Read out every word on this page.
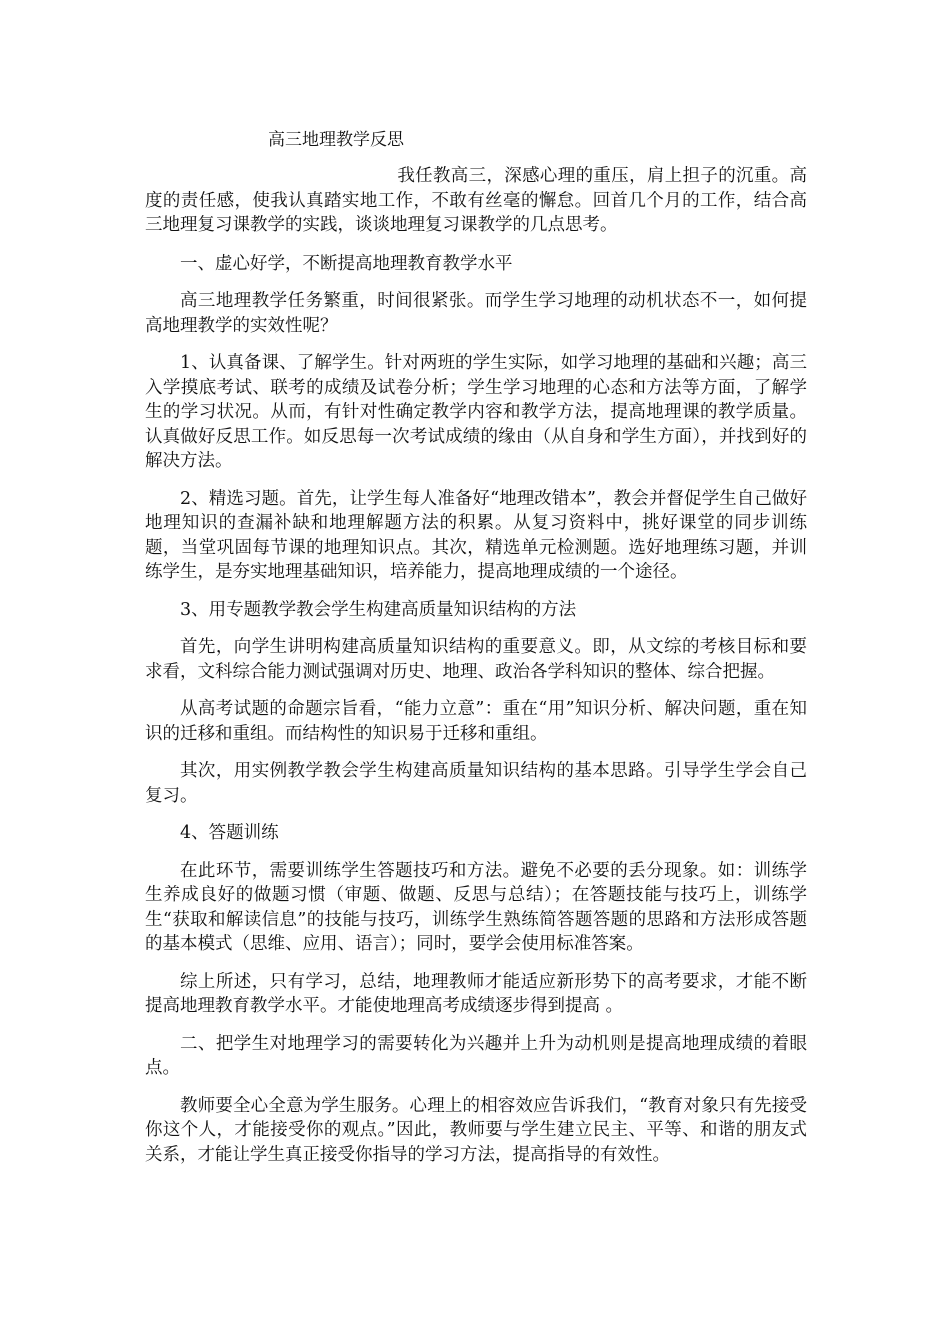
高三地理教学反思

我任教高三，深感心理的重压，肩上担子的沉重。高度的责任感，使我认真踏实地工作，不敢有丝毫的懈怠。回首几个月的工作，结合高三地理复习课教学的实践，谈谈地理复习课教学的几点思考。

一、虚心好学，不断提高地理教育教学水平

高三地理教学任务繁重，时间很紧张。而学生学习地理的动机状态不一，如何提高地理教学的实效性呢？

1、认真备课、了解学生。针对两班的学生实际，如学习地理的基础和兴趣；高三入学摸底考试、联考的成绩及试卷分析；学生学习地理的心态和方法等方面，了解学生的学习状况。从而，有针对性确定教学内容和教学方法，提高地理课的教学质量。认真做好反思工作。如反思每一次考试成绩的缘由（从自身和学生方面），并找到好的解决方法。

2、精选习题。首先，让学生每人准备好“地理改错本”，教会并督促学生自己做好地理知识的查漏补缺和地理解题方法的积累。从复习资料中，挑好课堂的同步训练题，当堂巩固每节课的地理知识点。其次，精选单元检测题。选好地理练习题，并训练学生，是夯实地理基础知识，培养能力，提高地理成绩的一个途径。

3、用专题教学教会学生构建高质量知识结构的方法

首先，向学生讲明构建高质量知识结构的重要意义。即，从文综的考核目标和要求看，文科综合能力测试强调对历史、地理、政治各学科知识的整体、综合把握。

从高考试题的命题宗旨看，“能力立意”：重在“用”知识分析、解决问题，重在知识的迁移和重组。而结构性的知识易于迁移和重组。

其次，用实例教学教会学生构建高质量知识结构的基本思路。引导学生学会自己复习。

4、答题训练

在此环节，需要训练学生答题技巧和方法。避免不必要的丢分现象。如：训练学生养成良好的做题习惯（审题、做题、反思与总结）；在答题技能与技巧上，训练学生“获取和解读信息”的技能与技巧，训练学生熟练简答题答题的思路和方法形成答题的基本模式（思维、应用、语言）；同时，要学会使用标准答案。

综上所述，只有学习，总结，地理教师才能适应新形势下的高考要求，才能不断提高地理教育教学水平。才能使地理高考成绩逐步得到提高 。

二、把学生对地理学习的需要转化为兴趣并上升为动机则是提高地理成绩的着眼点。

教师要全心全意为学生服务。心理上的相容效应告诉我们，“教育对象只有先接受你这个人，才能接受你的观点。”因此，教师要与学生建立民主、平等、和谐的朋友式关系，才能让学生真正接受你指导的学习方法，提高指导的有效性。
